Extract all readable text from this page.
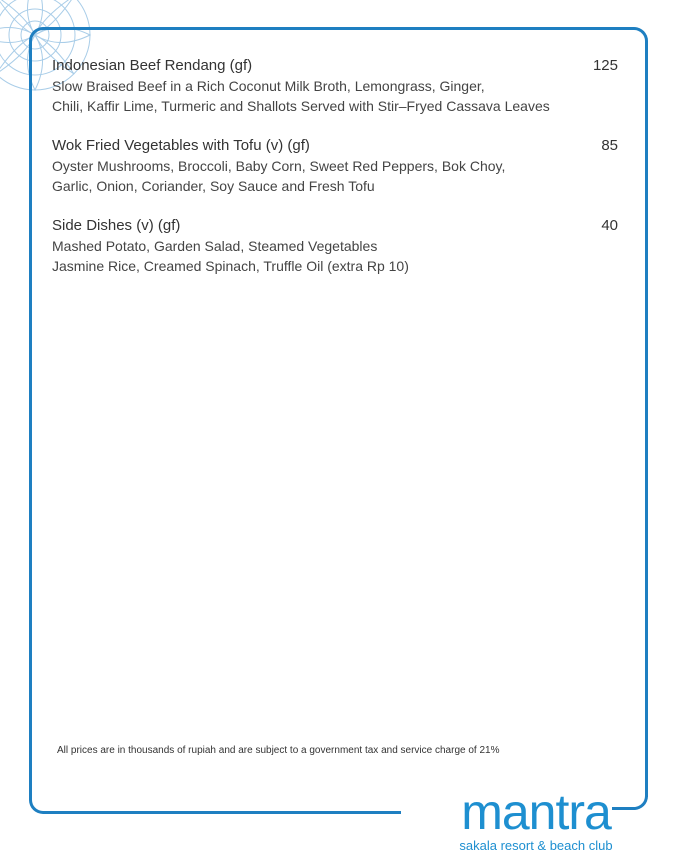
Indonesian Beef Rendang (gf)	125
Slow Braised Beef in a Rich Coconut Milk Broth, Lemongrass, Ginger,
Chili, Kaffir Lime, Turmeric and Shallots Served with Stir–Fryed Cassava Leaves
Wok Fried Vegetables with Tofu (v) (gf)	85
Oyster Mushrooms, Broccoli, Baby Corn, Sweet Red Peppers, Bok Choy,
Garlic, Onion, Coriander, Soy Sauce and Fresh Tofu
Side Dishes (v) (gf)	40
Mashed Potato, Garden Salad, Steamed Vegetables
Jasmine Rice, Creamed Spinach, Truffle Oil (extra Rp 10)
All prices are in thousands of rupiah and are subject to a government tax and service charge of 21%
mantra
sakala resort & beach club
